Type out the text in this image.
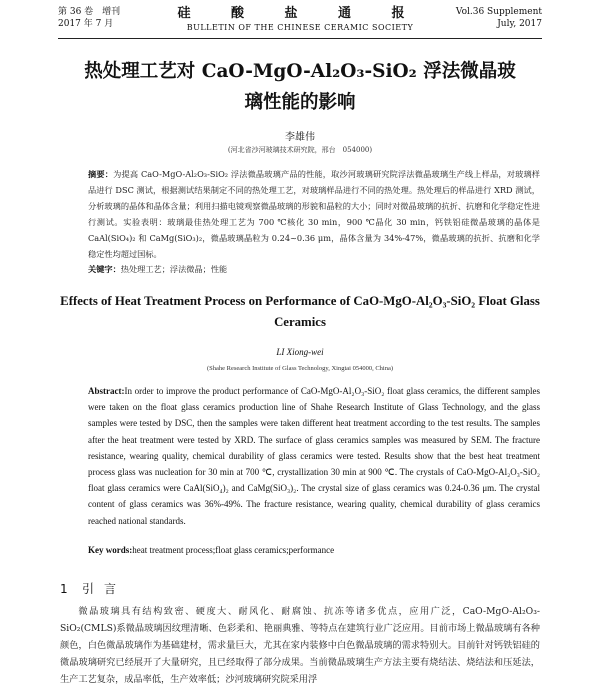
第 36 卷　增刊
2017 年 7 月
硅 酸 盐 通 报
BULLETIN OF THE CHINESE CERAMIC SOCIETY
Vol.36 Supplement
July, 2017
热处理工艺对 CaO-MgO-Al₂O₃-SiO₂ 浮法微晶玻璃性能的影响
李雄伟
(河北省沙河玻璃技术研究院，邢台　054000)
摘要：为提高 CaO-MgO-Al₂O₃-SiO₂ 浮法微晶玻璃产品的性能，取沙河玻璃研究院浮法微晶玻璃生产线上样品，对玻璃样品进行 DSC 测试，根据测试结果制定不同的热处理工艺，对玻璃样品进行不同的热处理。热处理后的样品进行 XRD 测试，分析玻璃的晶体和晶体含量；利用扫描电镜观察微晶玻璃的形貌和晶粒的大小；同时对微晶玻璃的抗折、抗磨和化学稳定性进行测试。实验表明：玻璃最佳热处理工艺为 700 ℃核化 30 min，900 ℃晶化 30 min，钙铁铝硅微晶玻璃的晶体是 CaAl(SiO₄)₂ 和 CaMg(SiO₃)₂，微晶玻璃晶粒为 0.24~0.36 μm，晶体含量为 34%-47%，微晶玻璃的抗折、抗磨和化学稳定性均超过国标。
关键字：热处理工艺；浮法微晶；性能
Effects of Heat Treatment Process on Performance of CaO-MgO-Al₂O₃-SiO₂ Float Glass Ceramics
LI Xiong-wei
(Shahe Research Institute of Glass Technology, Xingtai 054000, China)
Abstract:In order to improve the product performance of CaO-MgO-Al₂O₃-SiO₂ float glass ceramics, the different samples were taken on the float glass ceramics production line of Shahe Research Institute of Glass Technology, and the glass samples were tested by DSC, then the samples were taken different heat treatment according to the test results. The samples after the heat treatment were tested by XRD. The surface of glass ceramics samples was measured by SEM. The fracture resistance, wearing quality, chemical durability of glass ceramics were tested. Results show that the best heat treatment process glass was nucleation for 30 min at 700 ℃, crystallization 30 min at 900 ℃. The crystals of CaO-MgO-Al₂O₃-SiO₂ float glass ceramics were CaAl(SiO₄)₂ and CaMg(SiO₃)₂. The crystal size of glass ceramics was 0.24-0.36 μm. The crystal content of glass ceramics was 36%-49%. The fracture resistance, wearing quality, chemical durability of glass ceramics reached national standards.
Key words:heat treatment process;float glass ceramics;performance
1 引言
微晶玻璃具有结构致密、硬度大、耐风化、耐腐蚀、抗冻等诸多优点，应用广泛，CaO-MgO-Al₂O₃-SiO₂(CMLS)系微晶玻璃因纹理清晰、色彩柔和、艳丽典雅、等特点在建筑行业广泛应用。目前市场上微晶玻璃有各种颜色，白色微晶玻璃作为基础建材，需求量巨大，尤其在家内装修中白色微晶玻璃的需求特别大。目前针对钙铁铝硅的微晶玻璃研究已经展开了大量研究，且已经取得了部分成果。当前微晶玻璃生产方法主要有烧结法、烧结法和压延法，生产工艺复杂，成品率低，生产效率低；沙河玻璃研究院采用浮
